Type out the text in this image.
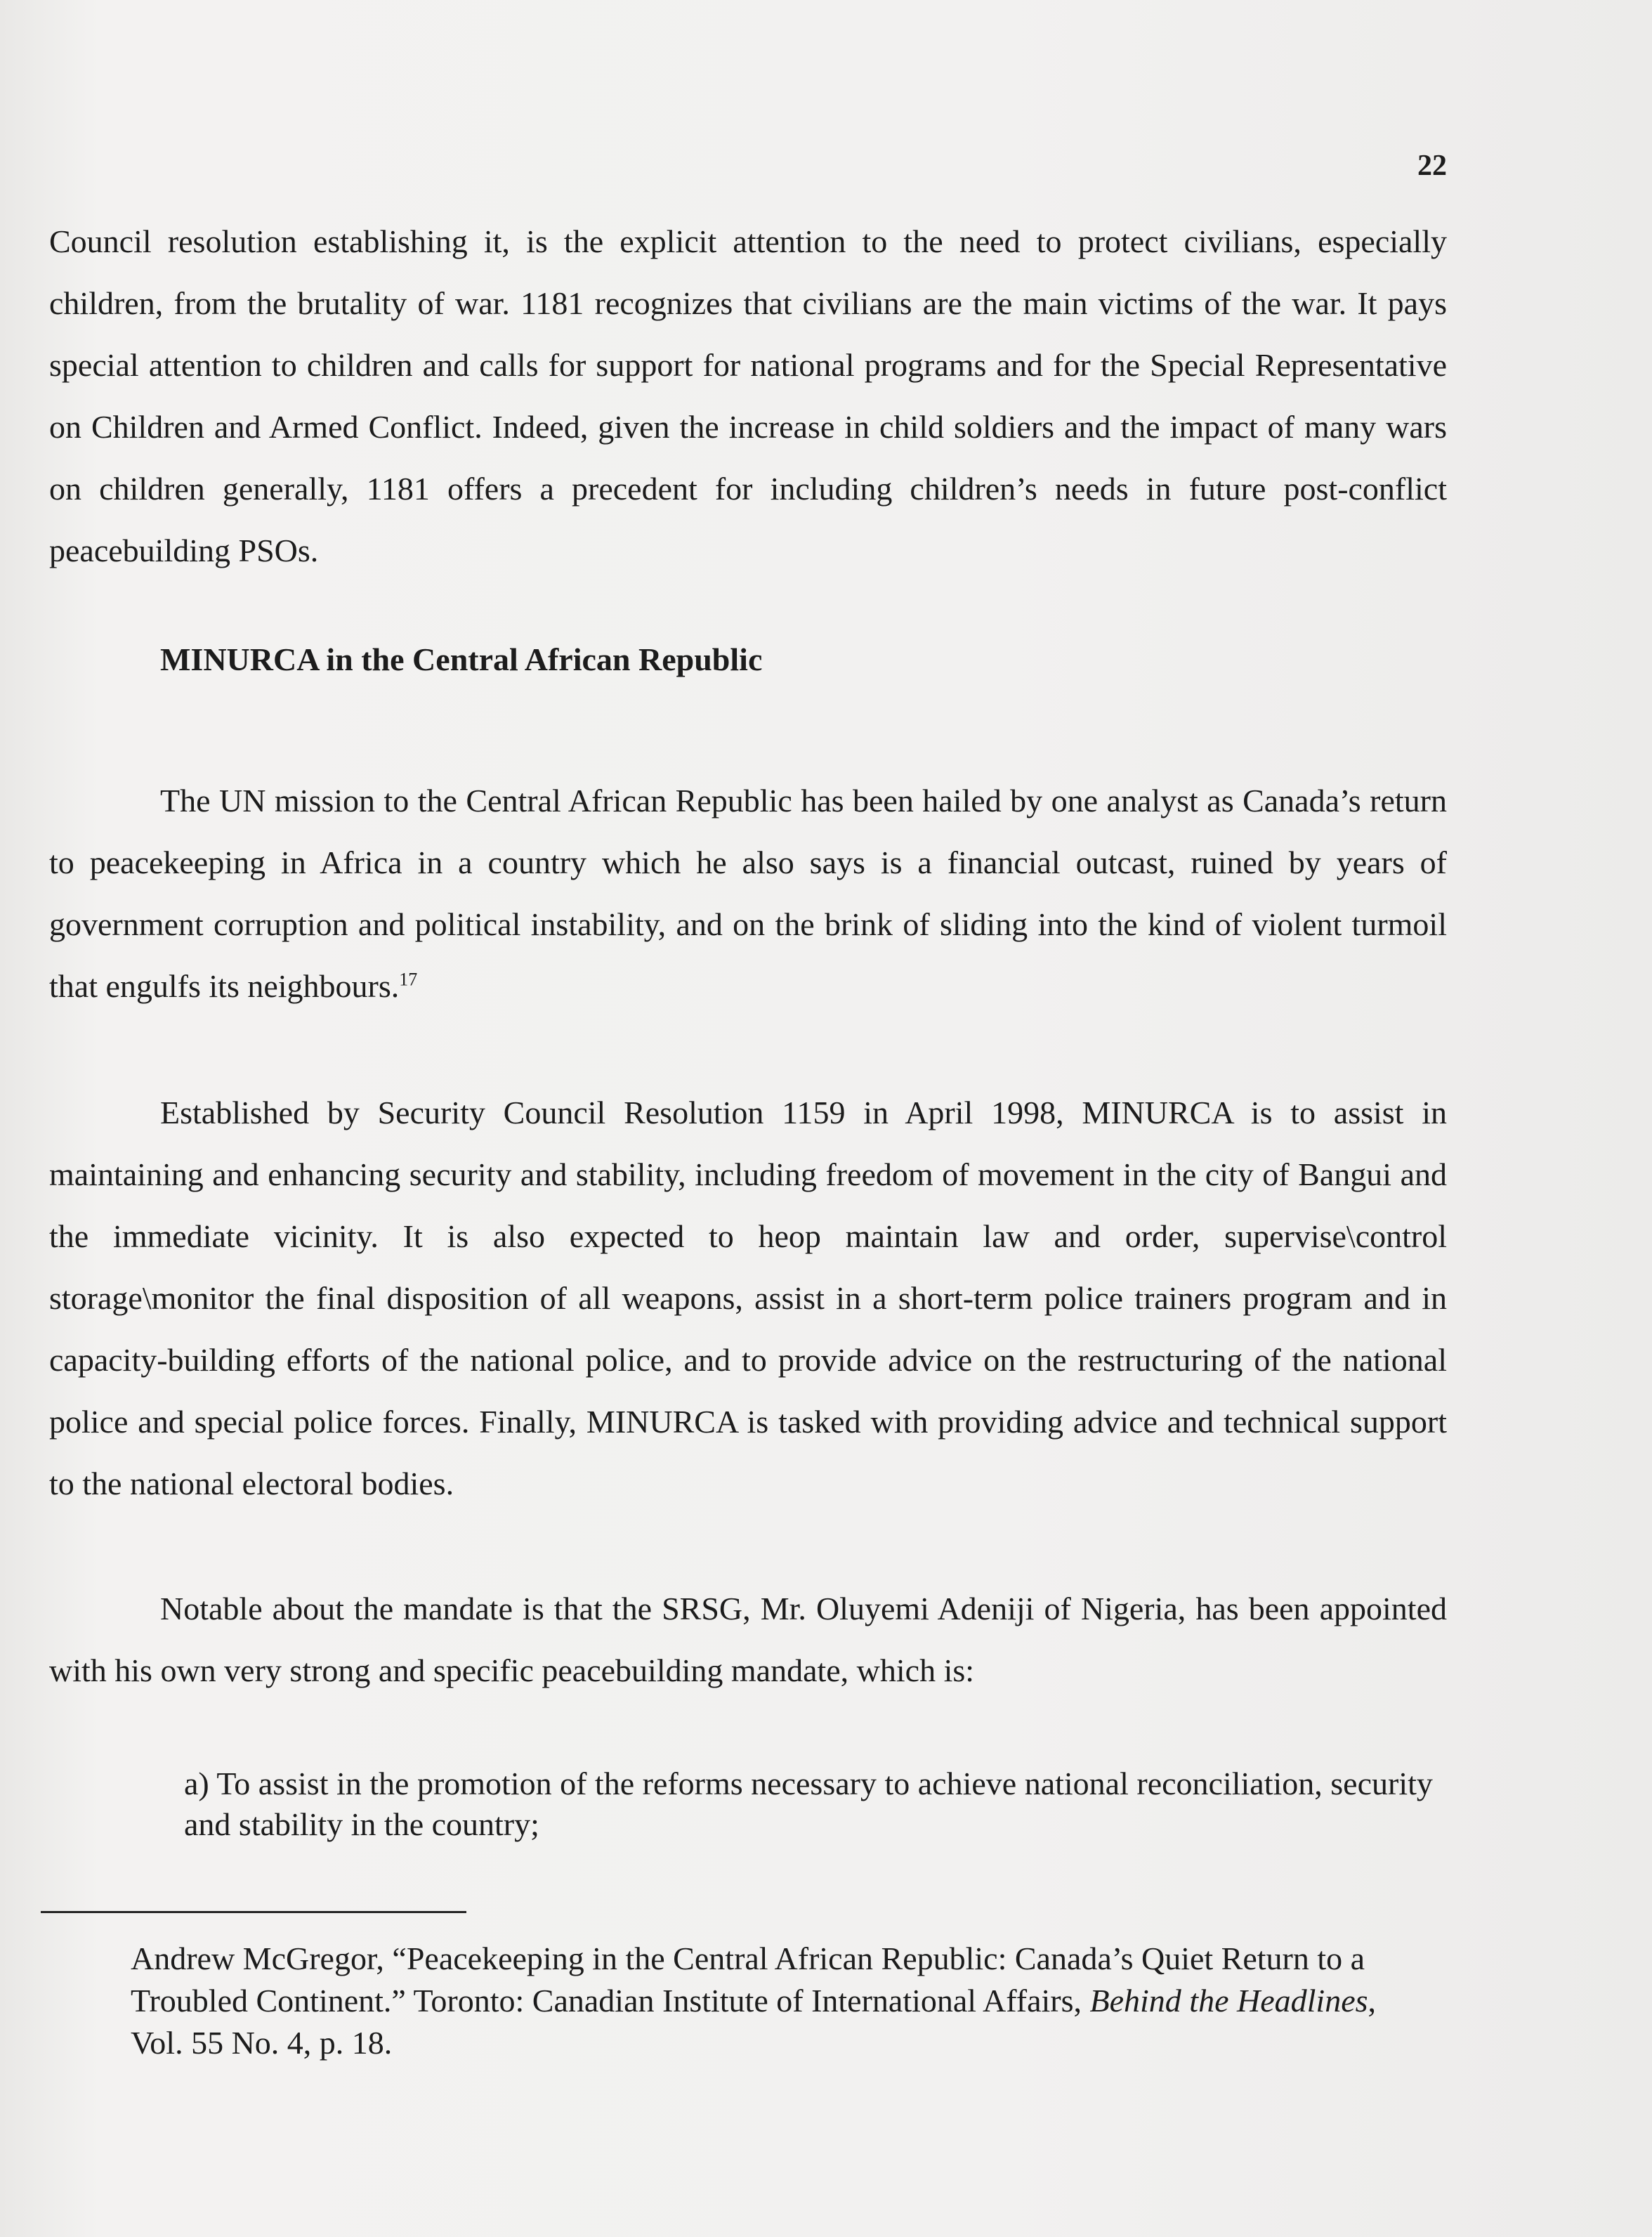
22

Council resolution establishing it, is the explicit attention to the need to protect civilians, especially children, from the brutality of war. 1181 recognizes that civilians are the main victims of the war. It pays special attention to children and calls for support for national programs and for the Special Representative on Children and Armed Conflict. Indeed, given the increase in child soldiers and the impact of many wars on children generally, 1181 offers a precedent for including children’s needs in future post-conflict peacebuilding PSOs.

MINURCA in the Central African Republic

The UN mission to the Central African Republic has been hailed by one analyst as Canada’s return to peacekeeping in Africa in a country which he also says is a financial outcast, ruined by years of government corruption and political instability, and on the brink of sliding into the kind of violent turmoil that engulfs its neighbours.$^{17}$

Established by Security Council Resolution 1159 in April 1998, MINURCA is to assist in maintaining and enhancing security and stability, including freedom of movement in the city of Bangui and the immediate vicinity. It is also expected to heop maintain law and order, supervise\control storage\monitor the final disposition of all weapons, assist in a short-term police trainers program and in capacity-building efforts of the national police, and to provide advice on the restructuring of the national police and special police forces. Finally, MINURCA is tasked with providing advice and technical support to the national electoral bodies.

Notable about the mandate is that the SRSG, Mr. Oluyemi Adeniji of Nigeria, has been appointed with his own very strong and specific peacebuilding mandate, which is:

a) To assist in the promotion of the reforms necessary to achieve national reconciliation, security and stability in the country;

Andrew McGregor, “Peacekeeping in the Central African Republic: Canada’s Quiet Return to a Troubled Continent.” Toronto: Canadian Institute of International Affairs, Behind the Headlines, Vol. 55 No. 4, p. 18.
